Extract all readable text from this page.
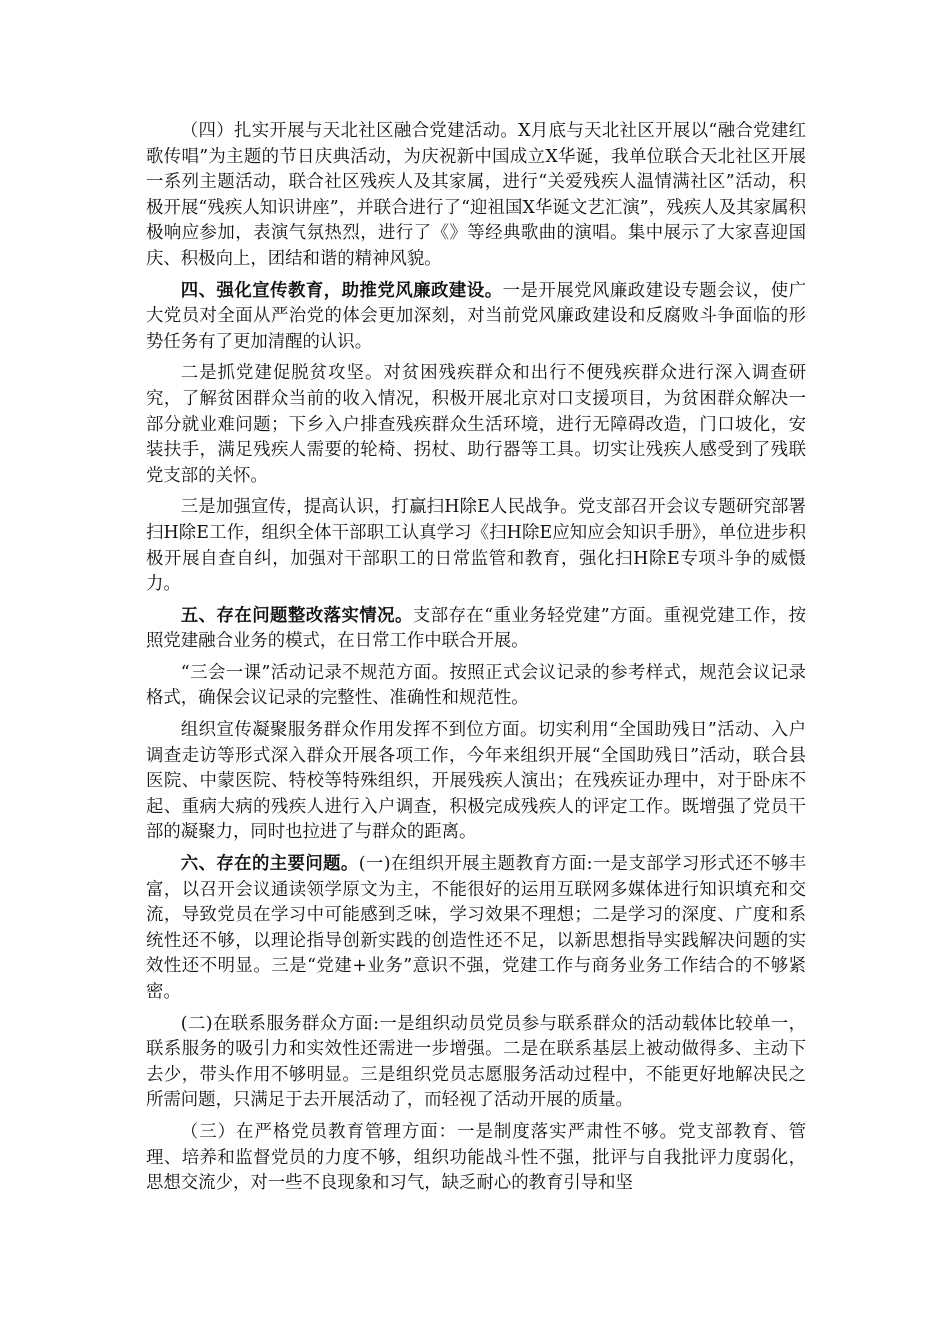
（四）扎实开展与天北社区融合党建活动。X月底与天北社区开展以“融合党建红歌传唱”为主题的节日庆典活动，为庆祝新中国成立X华诞，我单位联合天北社区开展一系列主题活动，联合社区残疾人及其家属，进行“关爱残疾人温情满社区”活动，积极开展“残疾人知识讲座”，并联合进行了“迎祖国X华诞文艺汇演”，残疾人及其家属积极响应参加，表演气氛热烈，进行了《》等经典歌曲的演唱。集中展示了大家喜迎国庆、积极向上，团结和谐的精神风貌。

四、强化宣传教育，助推党风廉政建设。一是开展党风廉政建设专题会议，使广大党员对全面从严治党的体会更加深刻，对当前党风廉政建设和反腐败斗争面临的形势任务有了更加清醒的认识。

二是抓党建促脱贫攻坚。对贫困残疾群众和出行不便残疾群众进行深入调查研究，了解贫困群众当前的收入情况，积极开展北京对口支援项目，为贫困群众解决一部分就业难问题；下乡入户排查残疾群众生活环境，进行无障碍改造，门口坡化，安装扶手，满足残疾人需要的轮椅、拐杖、助行器等工具。切实让残疾人感受到了残联党支部的关怀。

三是加强宣传，提高认识，打赢扫H除E人民战争。党支部召开会议专题研究部署扫H除E工作，组织全体干部职工认真学习《扫H除E应知应会知识手册》，单位进步积极开展自查自纠，加强对干部职工的日常监管和教育，强化扫H除E专项斗争的威慑力。

五、存在问题整改落实情况。支部存在“重业务轻党建”方面。重视党建工作，按照党建融合业务的模式，在日常工作中联合开展。

“三会一课”活动记录不规范方面。按照正式会议记录的参考样式，规范会议记录格式，确保会议记录的完整性、准确性和规范性。

组织宣传凝聚服务群众作用发挥不到位方面。切实利用“全国助残日”活动、入户调查走访等形式深入群众开展各项工作，今年来组织开展“全国助残日”活动，联合县医院、中蒙医院、特校等特殊组织，开展残疾人演出；在残疾证办理中，对于卧床不起、重病大病的残疾人进行入户调查，积极完成残疾人的评定工作。既增强了党员干部的凝聚力，同时也拉进了与群众的距离。

六、存在的主要问题。(一)在组织开展主题教育方面:一是支部学习形式还不够丰富，以召开会议通读领学原文为主，不能很好的运用互联网多媒体进行知识填充和交流，导致党员在学习中可能感到乏味，学习效果不理想；二是学习的深度、广度和系统性还不够，以理论指导创新实践的创造性还不足，以新思想指导实践解决问题的实效性还不明显。三是“党建+业务”意识不强，党建工作与商务业务工作结合的不够紧密。

(二)在联系服务群众方面:一是组织动员党员参与联系群众的活动载体比较单一，联系服务的吸引力和实效性还需进一步增强。二是在联系基层上被动做得多、主动下去少，带头作用不够明显。三是组织党员志愿服务活动过程中，不能更好地解决民之所需问题，只满足于去开展活动了，而轻视了活动开展的质量。

（三）在严格党员教育管理方面：一是制度落实严肃性不够。党支部教育、管理、培养和监督党员的力度不够，组织功能战斗性不强，批评与自我批评力度弱化，思想交流少，对一些不良现象和习气，缺乏耐心的教育引导和坚
